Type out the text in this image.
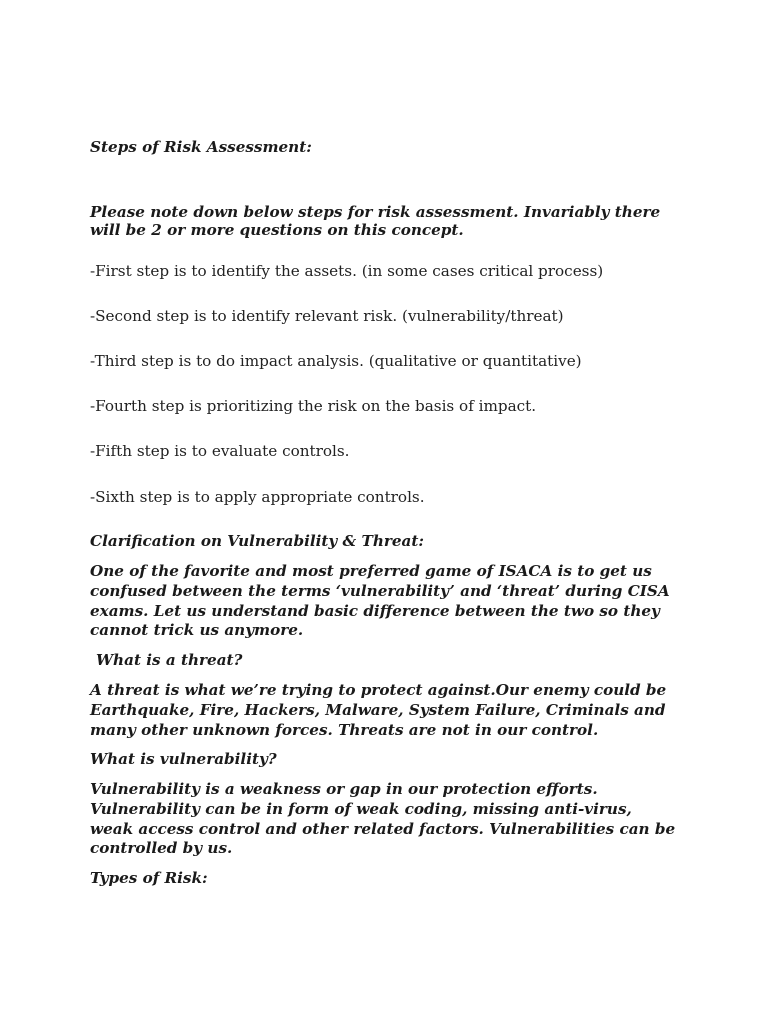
Steps of Risk Assessment:

Please note down below steps for risk assessment. Invariably there will be 2 or more questions on this concept.

-First step is to identify the assets. (in some cases critical process)

-Second step is to identify relevant risk. (vulnerability/threat)

-Third step is to do impact analysis. (qualitative or quantitative)

-Fourth step is prioritizing the risk on the basis of impact.

-Fifth step is to evaluate controls.

-Sixth step is to apply appropriate controls.

Clarification on Vulnerability & Threat:

One of the favorite and most preferred game of ISACA is to get us confused between the terms ‘vulnerability’ and ‘threat’ during CISA exams. Let us understand basic difference between the two so they cannot trick us anymore.

What is a threat?

A threat is what we’re trying to protect against.Our enemy could be Earthquake, Fire, Hackers, Malware, System Failure, Criminals and many other unknown forces. Threats are not in our control.

What is vulnerability?

Vulnerability is a weakness or gap in our protection efforts. Vulnerability can be in form of weak coding, missing anti-virus, weak access control and other related factors. Vulnerabilities can be controlled by us.

Types of Risk:
